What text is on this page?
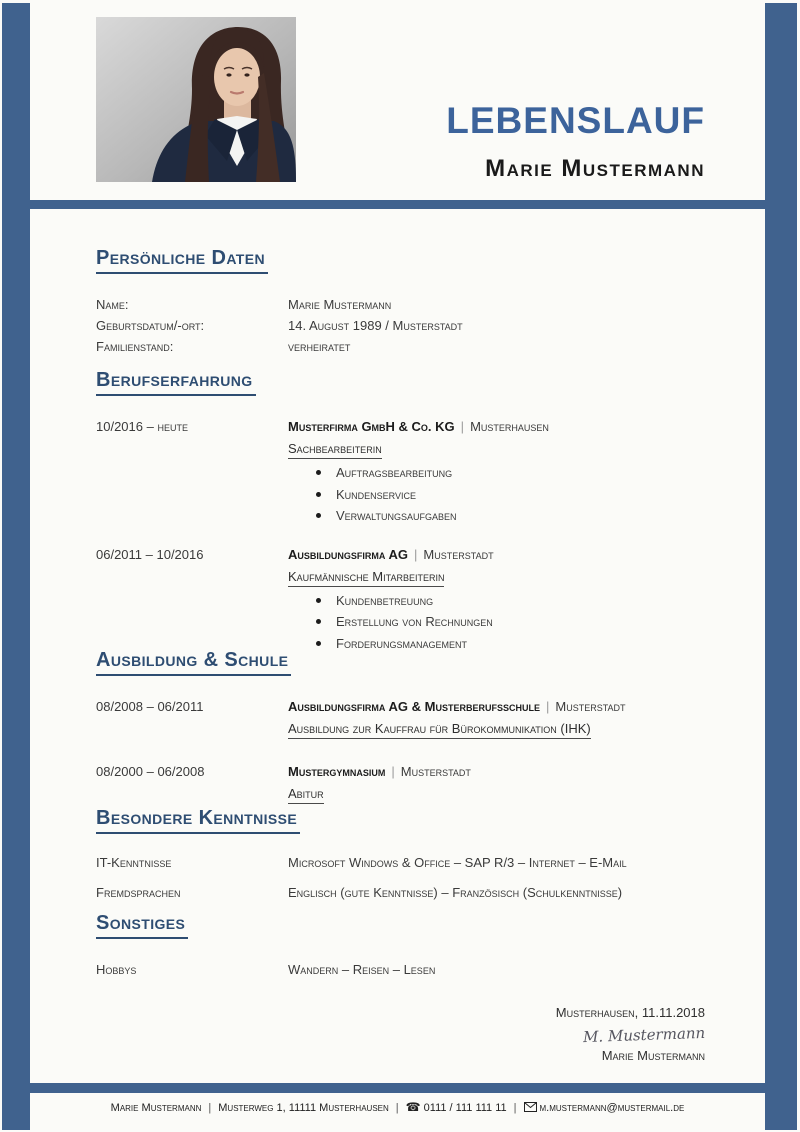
LEBENSLAUF
Marie Mustermann
Persönliche Daten
Name:	Marie Mustermann
Geburtsdatum/-ort:	14. August 1989 / Musterstadt
Familienstand:	verheiratet
Berufserfahrung
10/2016 – heute	Musterfirma GmbH & Co. KG | Musterhausen
Sachbearbeiterin
Auftragsbearbeitung
Kundenservice
Verwaltungsaufgaben
06/2011 – 10/2016	Ausbildungsfirma AG | Musterstadt
Kaufmännische Mitarbeiterin
Kundenbetreuung
Erstellung von Rechnungen
Forderungsmanagement
Ausbildung & Schule
08/2008 – 06/2011	Ausbildungsfirma AG & Musterberufsschule | Musterstadt
Ausbildung zur Kauffrau für Bürokommunikation (IHK)
08/2000 – 06/2008	Mustergymnasium | Musterstadt
Abitur
Besondere Kenntnisse
IT-Kenntnisse	Microsoft Windows & Office – SAP R/3 – Internet – E-Mail
Fremdsprachen	Englisch (gute Kenntnisse) – Französisch (Schulkenntnisse)
Sonstiges
Hobbys	Wandern – Reisen – Lesen
Musterhausen, 11.11.2018
M. Mustermann
Marie Mustermann
Marie Mustermann | Musterweg 1, 11111 Musterhausen | ☎ 0111 / 111 111 11 | m.mustermann@mustermail.de
